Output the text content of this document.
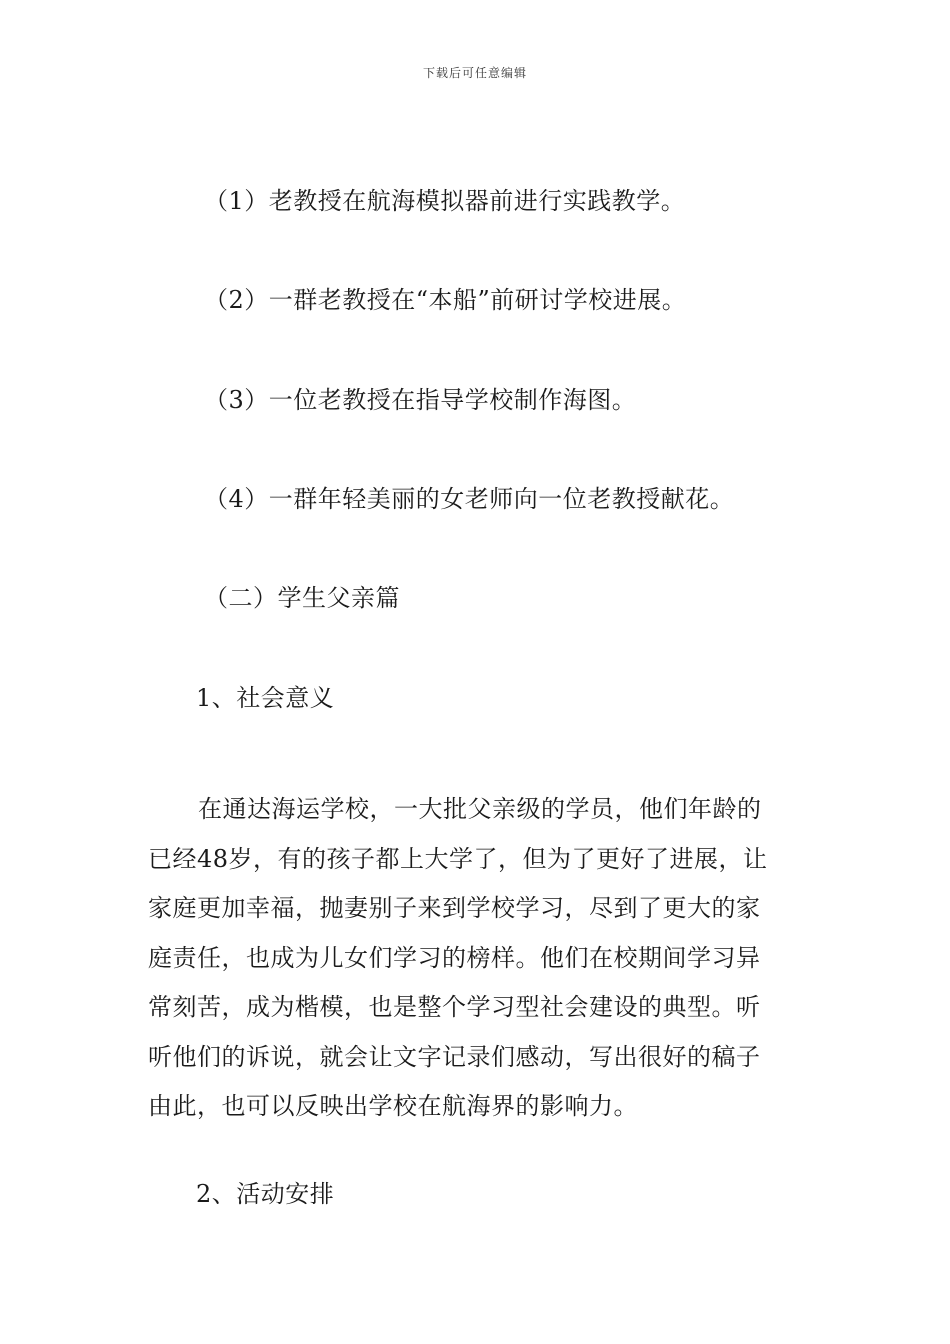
下载后可任意编辑
（1）老教授在航海模拟器前进行实践教学。
（2）一群老教授在“本船”前研讨学校进展。
（3）一位老教授在指导学校制作海图。
（4）一群年轻美丽的女老师向一位老教授献花。
（二）学生父亲篇
1、社会意义
在通达海运学校，一大批父亲级的学员，他们年龄的
已经48岁，有的孩子都上大学了，但为了更好了进展，让
家庭更加幸福，抛妻别子来到学校学习，尽到了更大的家
庭责任，也成为儿女们学习的榜样。他们在校期间学习异
常刻苦，成为楷模，也是整个学习型社会建设的典型。听
听他们的诉说，就会让文字记录们感动，写出很好的稿子
由此，也可以反映出学校在航海界的影响力。
2、活动安排
